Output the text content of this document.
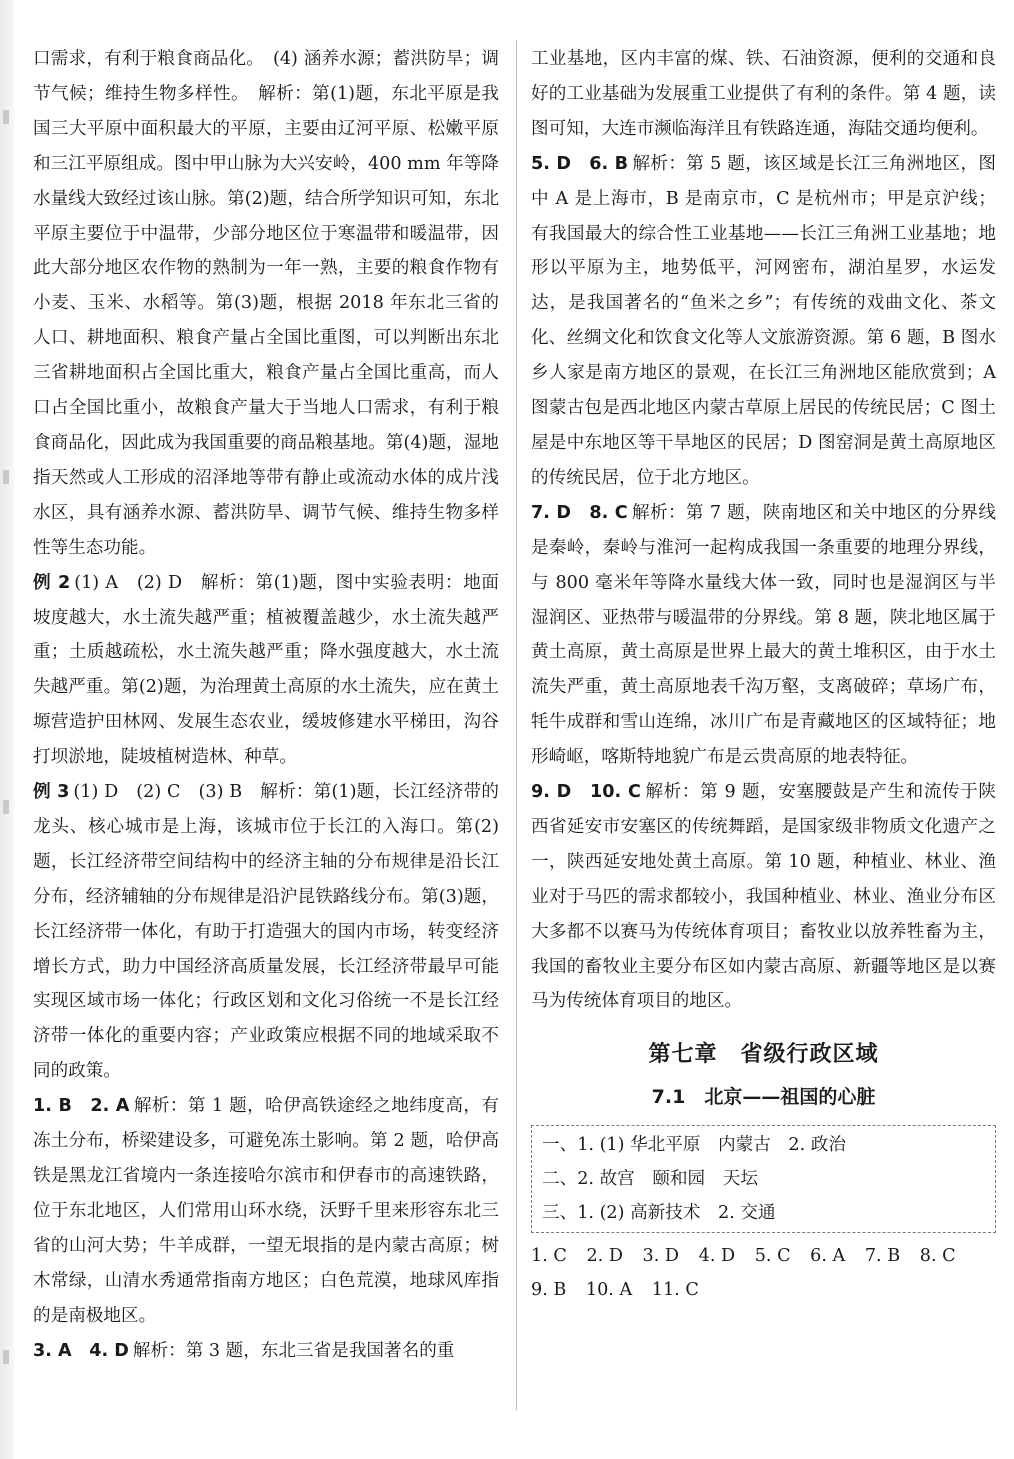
口需求，有利于粮食商品化。　(4) 涵养水源；蓄洪防旱；调节气候；维持生物多样性。　解析：第(1)题，东北平原是我国三大平原中面积最大的平原，主要由辽河平原、松嫩平原和三江平原组成。图中甲山脉为大兴安岭，400 mm 年等降水量线大致经过该山脉。第(2)题，结合所学知识可知，东北平原主要位于中温带，少部分地区位于寒温带和暖温带，因此大部分地区农作物的熟制为一年一熟，主要的粮食作物有小麦、玉米、水稻等。第(3)题，根据 2018 年东北三省的人口、耕地面积、粮食产量占全国比重图，可以判断出东北三省耕地面积占全国比重大，粮食产量占全国比重高，而人口占全国比重小，故粮食产量大于当地人口需求，有利于粮食商品化，因此成为我国重要的商品粮基地。第(4)题，湿地指天然或人工形成的沼泽地等带有静止或流动水体的成片浅水区，具有涵养水源、蓄洪防旱、调节气候、维持生物多样性等生态功能。

例 2 (1) A　(2) D　解析：第(1)题，图中实验表明：地面坡度越大，水土流失越严重；植被覆盖越少，水土流失越严重；土质越疏松，水土流失越严重；降水强度越大，水土流失越严重。第(2)题，为治理黄土高原的水土流失，应在黄土塬营造护田林网、发展生态农业，缓坡修建水平梯田，沟谷打坝淤地，陡坡植树造林、种草。

例 3 (1) D　(2) C　(3) B　解析：第(1)题，长江经济带的龙头、核心城市是上海，该城市位于长江的入海口。第(2)题，长江经济带空间结构中的经济主轴的分布规律是沿长江分布，经济辅轴的分布规律是沿沪昆铁路线分布。第(3)题，长江经济带一体化，有助于打造强大的国内市场，转变经济增长方式，助力中国经济高质量发展，长江经济带最早可能实现区域市场一体化；行政区划和文化习俗统一不是长江经济带一体化的重要内容；产业政策应根据不同的地域采取不同的政策。

1. B　2. A 解析：第 1 题，哈伊高铁途经之地纬度高，有冻土分布，桥梁建设多，可避免冻土影响。第 2 题，哈伊高铁是黑龙江省境内一条连接哈尔滨市和伊春市的高速铁路，位于东北地区，人们常用山环水绕，沃野千里来形容东北三省的山河大势；牛羊成群，一望无垠指的是内蒙古高原；树木常绿，山清水秀通常指南方地区；白色荒漠，地球风库指的是南极地区。

3. A　4. D 解析：第 3 题，东北三省是我国著名的重

工业基地，区内丰富的煤、铁、石油资源，便利的交通和良好的工业基础为发展重工业提供了有利的条件。第 4 题，读图可知，大连市濒临海洋且有铁路连通，海陆交通均便利。

5. D　6. B 解析：第 5 题，该区域是长江三角洲地区，图中 A 是上海市，B 是南京市，C 是杭州市；甲是京沪线；有我国最大的综合性工业基地——长江三角洲工业基地；地形以平原为主，地势低平，河网密布，湖泊星罗，水运发达，是我国著名的“鱼米之乡”；有传统的戏曲文化、茶文化、丝绸文化和饮食文化等人文旅游资源。第 6 题，B 图水乡人家是南方地区的景观，在长江三角洲地区能欣赏到；A 图蒙古包是西北地区内蒙古草原上居民的传统民居；C 图土屋是中东地区等干旱地区的民居；D 图窑洞是黄土高原地区的传统民居，位于北方地区。

7. D　8. C 解析：第 7 题，陕南地区和关中地区的分界线是秦岭，秦岭与淮河一起构成我国一条重要的地理分界线，与 800 毫米年等降水量线大体一致，同时也是湿润区与半湿润区、亚热带与暖温带的分界线。第 8 题，陕北地区属于黄土高原，黄土高原是世界上最大的黄土堆积区，由于水土流失严重，黄土高原地表千沟万壑，支离破碎；草场广布，牦牛成群和雪山连绵，冰川广布是青藏地区的区域特征；地形崎岖，喀斯特地貌广布是云贵高原的地表特征。

9. D　10. C 解析：第 9 题，安塞腰鼓是产生和流传于陕西省延安市安塞区的传统舞蹈，是国家级非物质文化遗产之一，陕西延安地处黄土高原。第 10 题，种植业、林业、渔业对于马匹的需求都较小，我国种植业、林业、渔业分布区大多都不以赛马为传统体育项目；畜牧业以放养牲畜为主，我国的畜牧业主要分布区如内蒙古高原、新疆等地区是以赛马为传统体育项目的地区。

第七章　省级行政区域
7.1　北京——祖国的心脏
一、1. (1) 华北平原　内蒙古　2. 政治
二、2. 故宫　颐和园　天坛
三、1. (2) 高新技术　2. 交通
1. C 2. D 3. D 4. D 5. C 6. A 7. B 8. C
9. B 10. A 11. C
